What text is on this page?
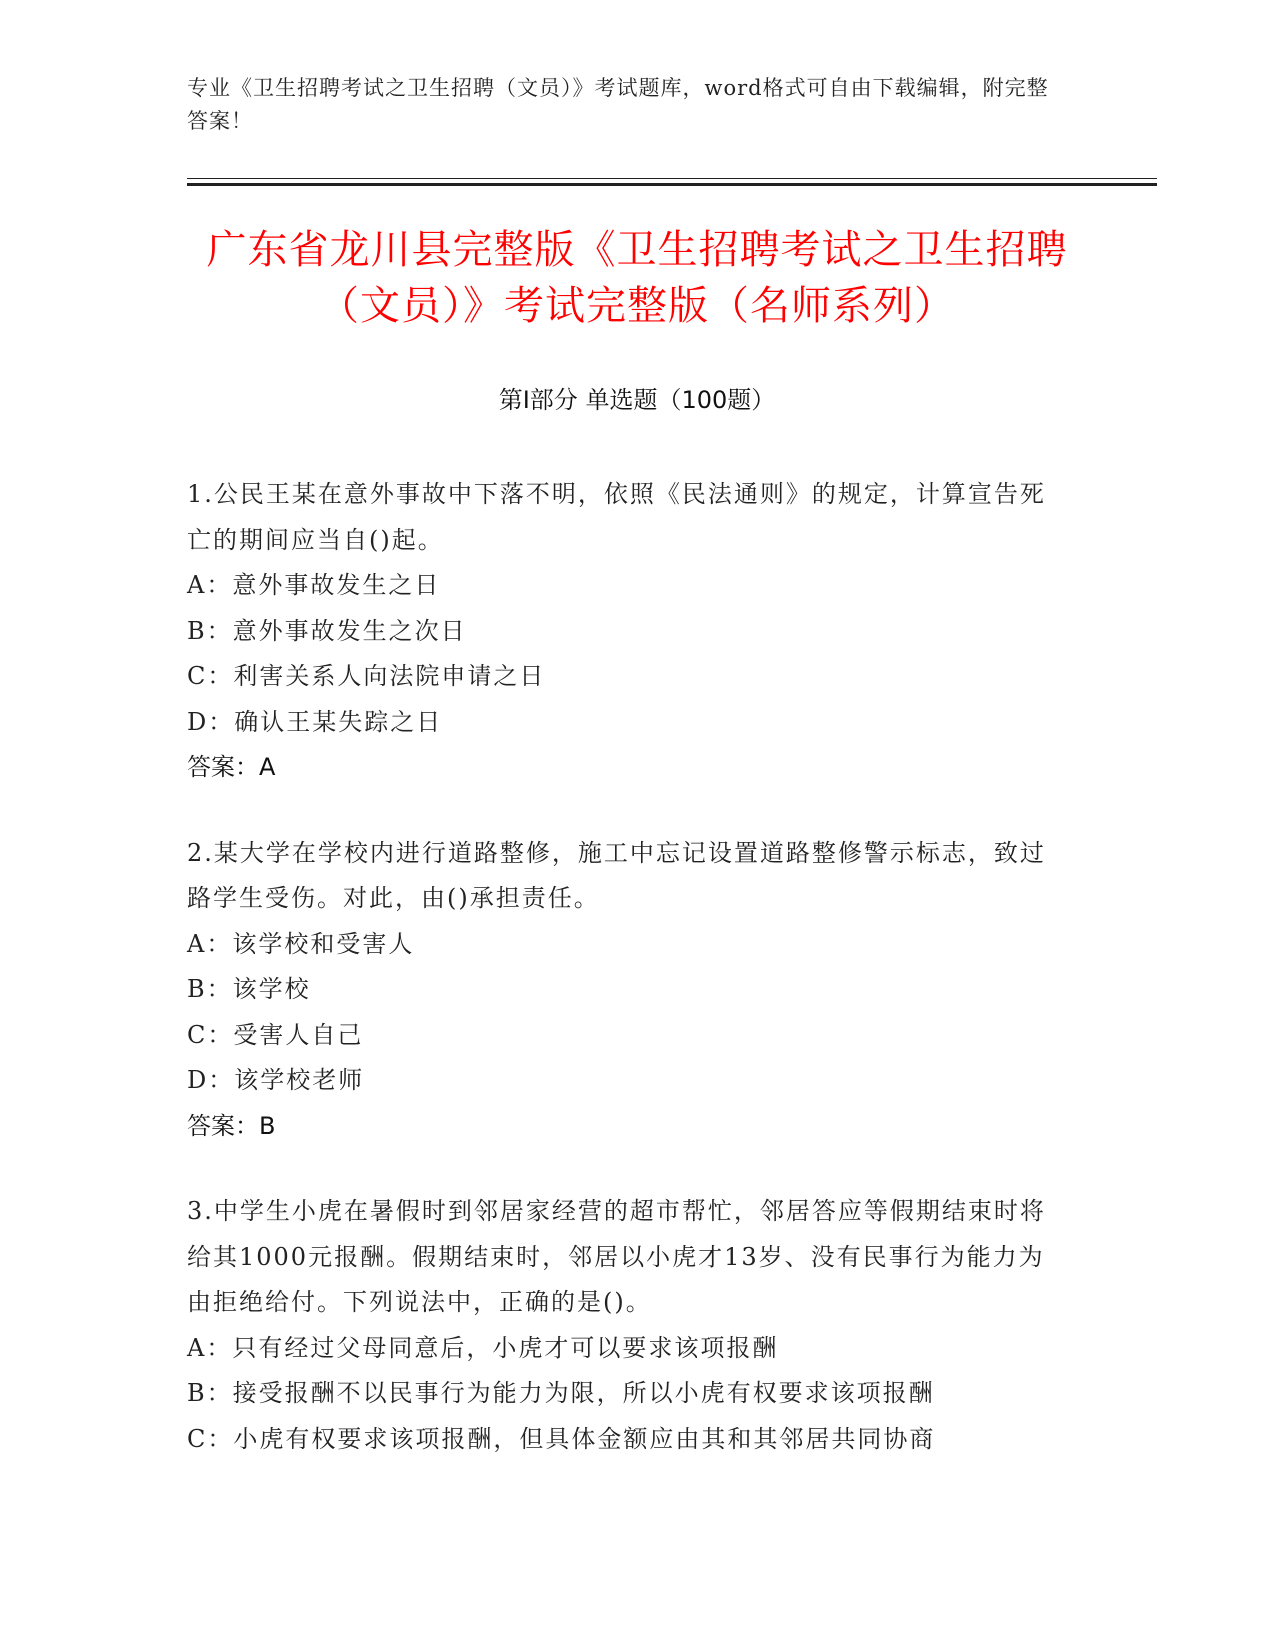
专业《卫生招聘考试之卫生招聘（文员）》考试题库，word格式可自由下载编辑，附完整答案！
广东省龙川县完整版《卫生招聘考试之卫生招聘（文员）》考试完整版（名师系列）
第Ⅰ部分 单选题（100题）
1.公民王某在意外事故中下落不明，依照《民法通则》的规定，计算宣告死亡的期间应当自()起。
A：意外事故发生之日
B：意外事故发生之次日
C：利害关系人向法院申请之日
D：确认王某失踪之日
答案：A
2.某大学在学校内进行道路整修，施工中忘记设置道路整修警示标志，致过路学生受伤。对此，由()承担责任。
A：该学校和受害人
B：该学校
C：受害人自己
D：该学校老师
答案：B
3.中学生小虎在暑假时到邻居家经营的超市帮忙，邻居答应等假期结束时将给其1000元报酬。假期结束时，邻居以小虎才13岁、没有民事行为能力为由拒绝给付。下列说法中，正确的是()。
A：只有经过父母同意后，小虎才可以要求该项报酬
B：接受报酬不以民事行为能力为限，所以小虎有权要求该项报酬
C：小虎有权要求该项报酬，但具体金额应由其和其邻居共同协商
